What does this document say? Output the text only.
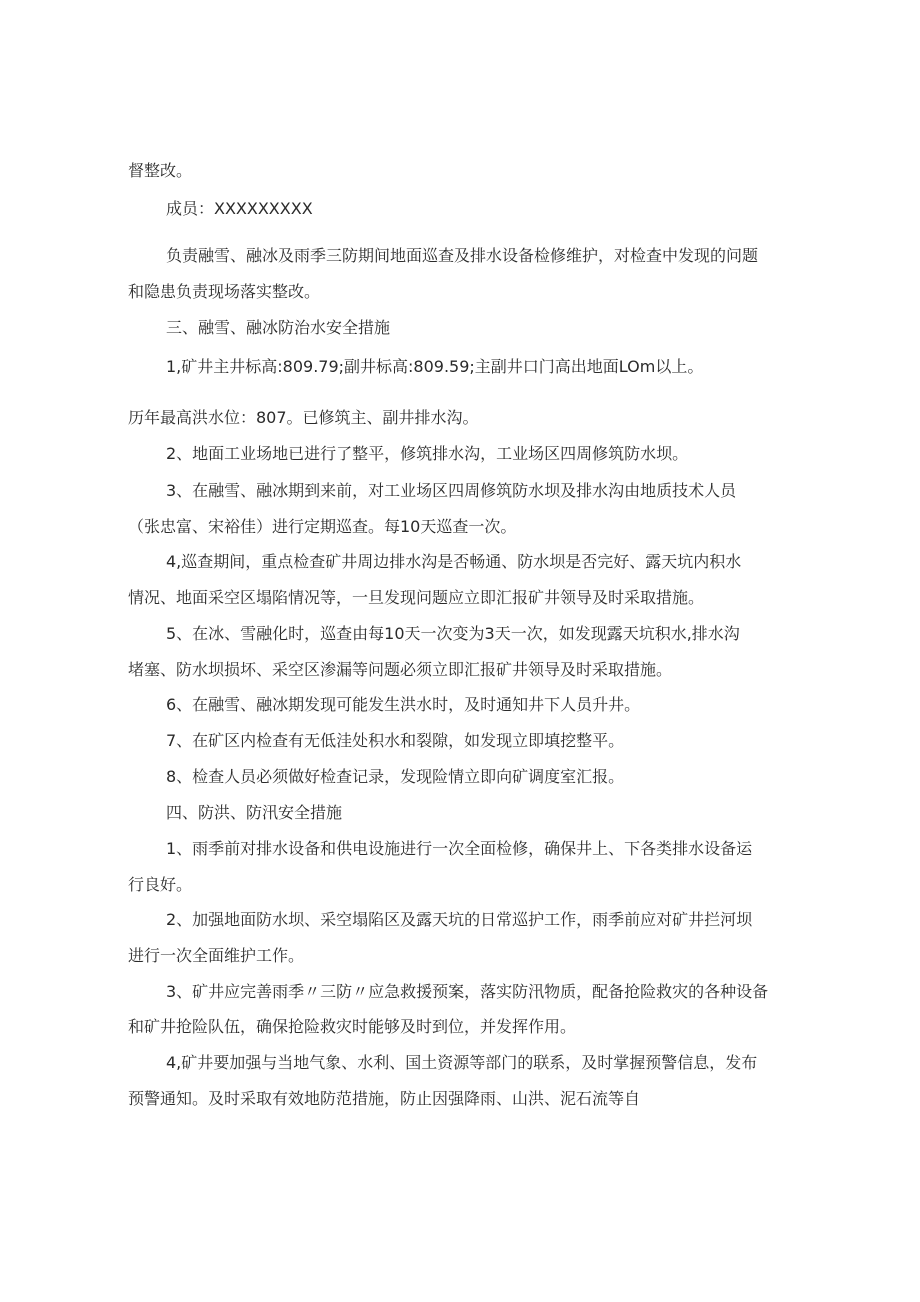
督整改。
成员：XXXXXXXXX
负责融雪、融冰及雨季三防期间地面巡查及排水设备检修维护，对检查中发现的问题
和隐患负责现场落实整改。
三、融雪、融冰防治水安全措施
1,矿井主井标高:809.79;副井标高:809.59;主副井口门高出地面LOm以上。
历年最高洪水位：807。已修筑主、副井排水沟。
2、地面工业场地已进行了整平，修筑排水沟，工业场区四周修筑防水坝。
3、在融雪、融冰期到来前，对工业场区四周修筑防水坝及排水沟由地质技术人员
（张忠富、宋裕佳）进行定期巡查。每10天巡查一次。
4,巡查期间，重点检查矿井周边排水沟是否畅通、防水坝是否完好、露天坑内积水
情况、地面采空区塌陷情况等，一旦发现问题应立即汇报矿井领导及时采取措施。
5、在冰、雪融化时，巡查由每10天一次变为3天一次，如发现露天坑积水,排水沟
堵塞、防水坝损坏、采空区渗漏等问题必须立即汇报矿井领导及时采取措施。
6、在融雪、融冰期发现可能发生洪水时，及时通知井下人员升井。
7、在矿区内检查有无低洼处积水和裂隙，如发现立即填挖整平。
8、检查人员必须做好检查记录，发现险情立即向矿调度室汇报。
四、防洪、防汛安全措施
1、雨季前对排水设备和供电设施进行一次全面检修，确保井上、下各类排水设备运
行良好。
2、加强地面防水坝、采空塌陷区及露天坑的日常巡护工作，雨季前应对矿井拦河坝
进行一次全面维护工作。
3、矿井应完善雨季〃三防〃应急救援预案，落实防汛物质，配备抢险救灾的各种设备
和矿井抢险队伍，确保抢险救灾时能够及时到位，并发挥作用。
4,矿井要加强与当地气象、水利、国土资源等部门的联系，及时掌握预警信息，发布
预警通知。及时采取有效地防范措施，防止因强降雨、山洪、泥石流等自
